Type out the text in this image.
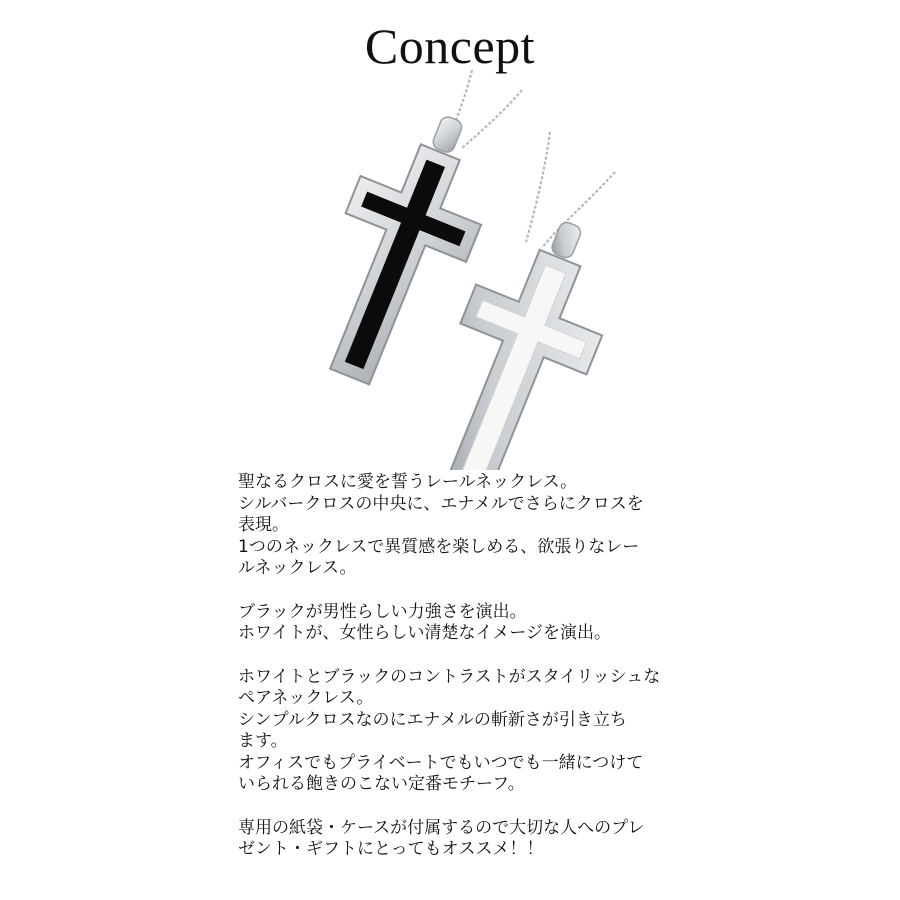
Concept
聖なるクロスに愛を誓うレールネックレス。
シルバークロスの中央に、エナメルでさらにクロスを
表現。
1つのネックレスで異質感を楽しめる、欲張りなレー
ルネックレス。
ブラックが男性らしい力強さを演出。
ホワイトが、女性らしい清楚なイメージを演出。
ホワイトとブラックのコントラストがスタイリッシュな
ペアネックレス。
シンプルクロスなのにエナメルの斬新さが引き立ち
ます。
オフィスでもプライベートでもいつでも一緒につけて
いられる飽きのこない定番モチーフ。
専用の紙袋・ケースが付属するので大切な人へのプレ
ゼント・ギフトにとってもオススメ！！
